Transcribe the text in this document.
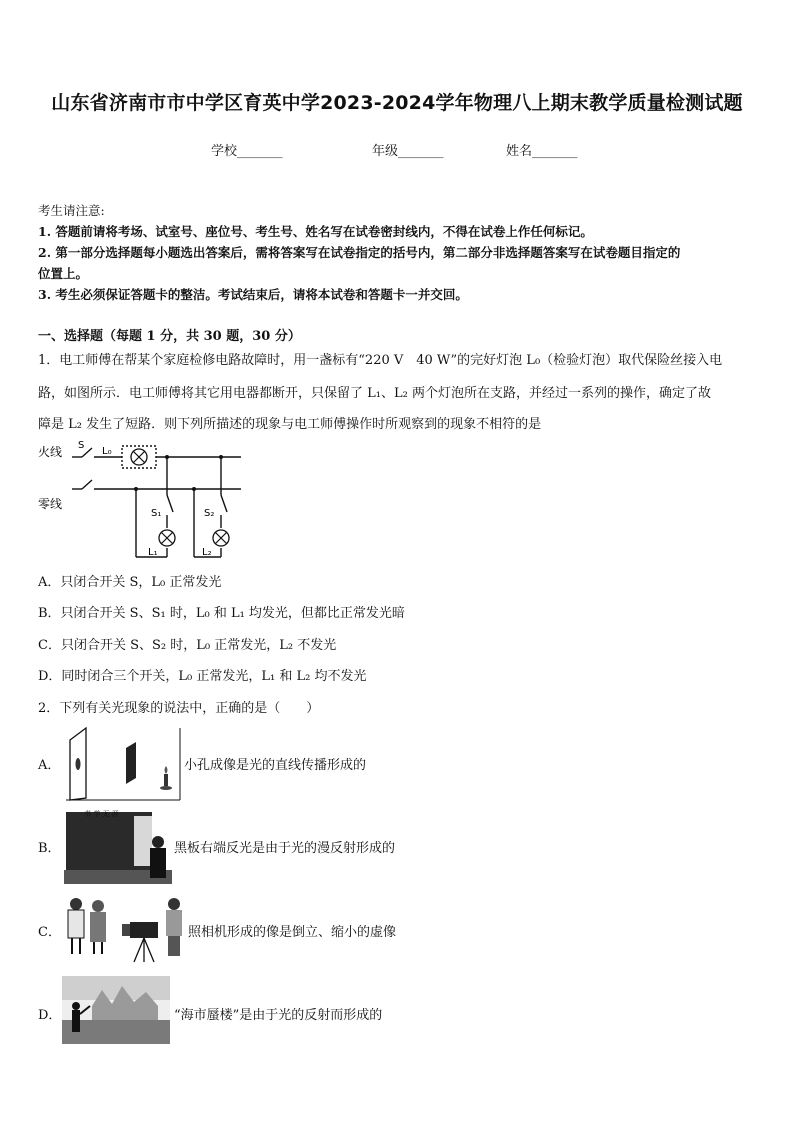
山东省济南市市中学区育英中学2023-2024学年物理八上期末教学质量检测试题
学校_______	年级_______	姓名_______
考生请注意:
1. 答题前请将考场、试室号、座位号、考生号、姓名写在试卷密封线内，不得在试卷上作任何标记。
2. 第一部分选择题每小题选出答案后，需将答案写在试卷指定的括号内，第二部分非选择题答案写在试卷题目指定的
位置上。
3. 考生必须保证答题卡的整洁。考试结束后，请将本试卷和答题卡一并交回。
一、选择题（每题 1 分，共 30 题，30 分）
1．电工师傅在帮某个家庭检修电路故障时，用一盏标有“220 V　40 W”的完好灯泡 L₀（检验灯泡）取代保险丝接入电
路，如图所示．电工师傅将其它用电器都断开，只保留了 L₁、L₂ 两个灯泡所在支路，并经过一系列的操作，确定了故
障是 L₂ 发生了短路．则下列所描述的现象与电工师傅操作时所观察到的现象不相符的是
火线
零线
S
L₀
S₁	S₂
L₁	L₂
A．只闭合开关 S，L₀ 正常发光
B．只闭合开关 S、S₁ 时，L₀ 和 L₁ 均发光，但都比正常发光暗
C．只闭合开关 S、S₂ 时，L₀ 正常发光，L₂ 不发光
D．同时闭合三个开关，L₀ 正常发光，L₁ 和 L₂ 均不发光
2．下列有关光现象的说法中，正确的是（　　）
A．	小孔成像是光的直线传播形成的
B．
书 学 无 涯
黑板右端反光是由于光的漫反射形成的
C．	照相机形成的像是倒立、缩小的虚像
D．	“海市蜃楼”是由于光的反射而形成的
